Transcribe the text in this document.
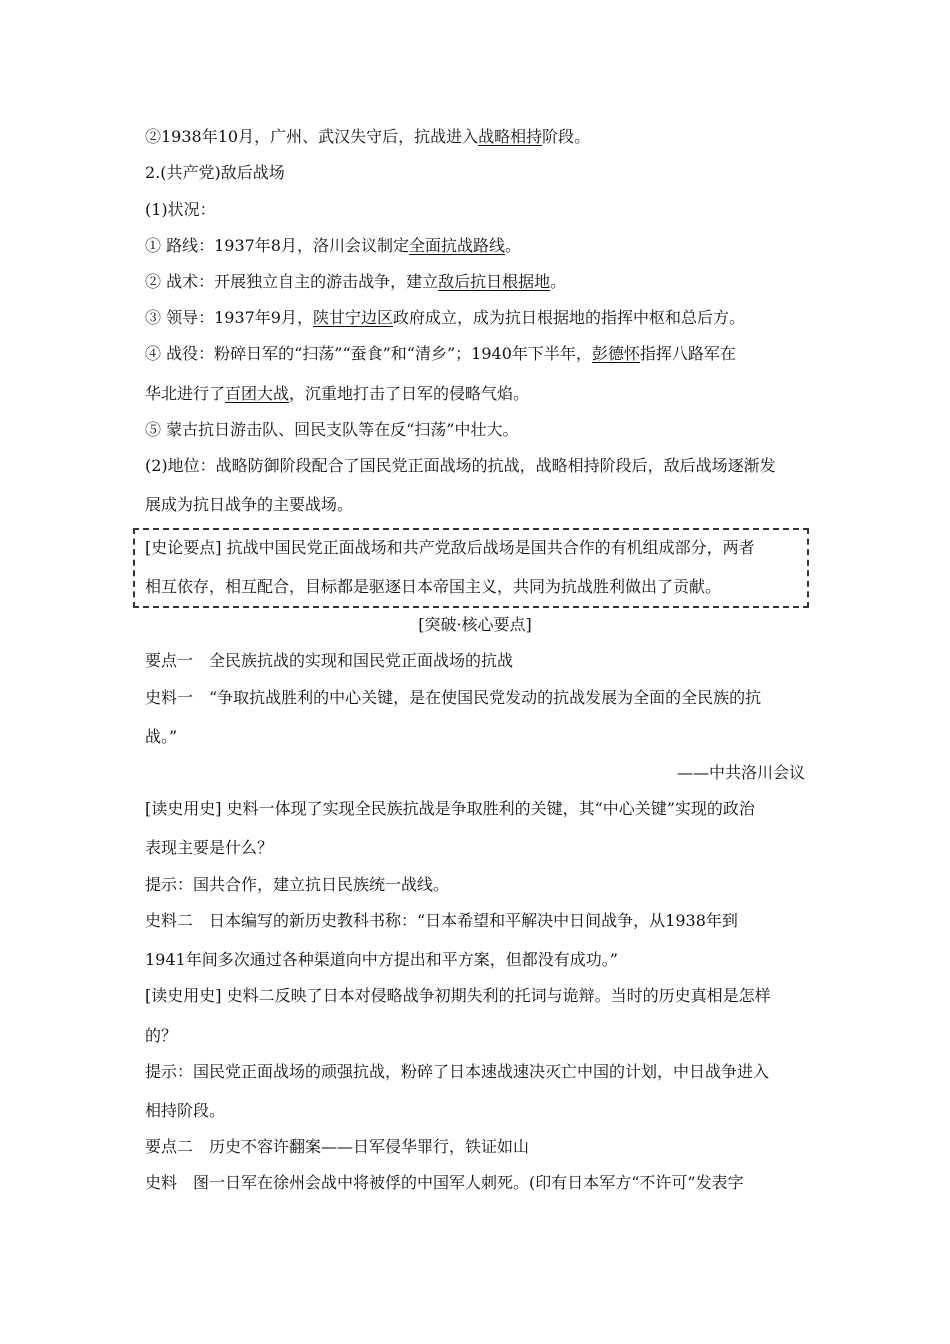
②1938年10月，广州、武汉失守后，抗战进入战略相持阶段。
2.(共产党)敌后战场
(1)状况：
① 路线：1937年8月，洛川会议制定全面抗战路线。
② 战术：开展独立自主的游击战争，建立敌后抗日根据地。
③ 领导：1937年9月，陕甘宁边区政府成立，成为抗日根据地的指挥中枢和总后方。
④ 战役：粉碎日军的“扫荡”“蚕食”和“清乡”；1940年下半年，彭德怀指挥八路军在
华北进行了百团大战，沉重地打击了日军的侵略气焰。
⑤ 蒙古抗日游击队、回民支队等在反“扫荡”中壮大。
(2)地位：战略防御阶段配合了国民党正面战场的抗战，战略相持阶段后，敌后战场逐渐发
展成为抗日战争的主要战场。
[史论要点] 抗战中国民党正面战场和共产党敌后战场是国共合作的有机组成部分，两者
相互依存，相互配合，目标都是驱逐日本帝国主义，共同为抗战胜利做出了贡献。
[突破·核心要点]
要点一　全民族抗战的实现和国民党正面战场的抗战
史料一　“争取抗战胜利的中心关键，是在使国民党发动的抗战发展为全面的全民族的抗
战。”
——中共洛川会议
[读史用史] 史料一体现了实现全民族抗战是争取胜利的关键，其“中心关键”实现的政治
表现主要是什么？
提示：国共合作，建立抗日民族统一战线。
史料二　日本编写的新历史教科书称：“日本希望和平解决中日间战争，从1938年到
1941年间多次通过各种渠道向中方提出和平方案，但都没有成功。”
[读史用史] 史料二反映了日本对侵略战争初期失利的托词与诡辩。当时的历史真相是怎样
的？
提示：国民党正面战场的顽强抗战，粉碎了日本速战速决灭亡中国的计划，中日战争进入
相持阶段。
要点二　历史不容许翻案——日军侵华罪行，铁证如山
史料　图一日军在徐州会战中将被俘的中国军人刺死。(印有日本军方“不许可”发表字
